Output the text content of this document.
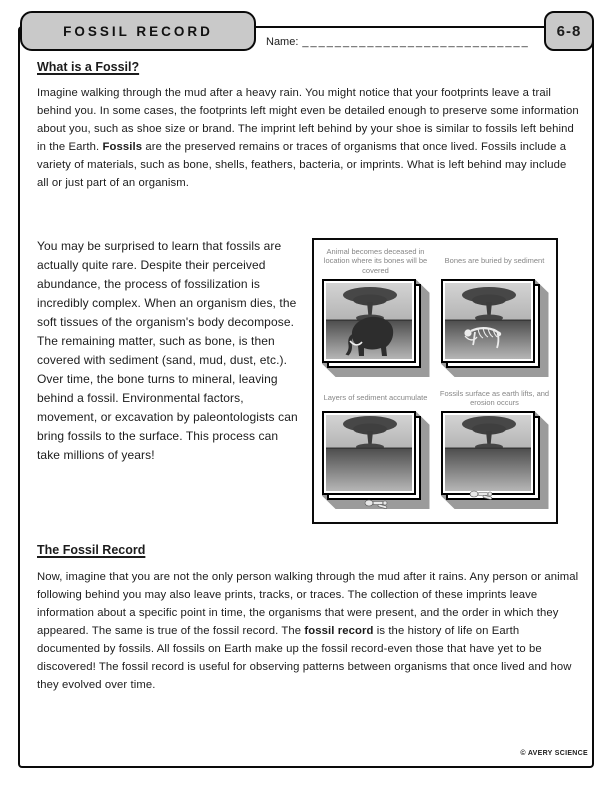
FOSSIL RECORD	6-8
Name: ____________________________
What is a Fossil?
Imagine walking through the mud after a heavy rain. You might notice that your footprints leave a trail behind you. In some cases, the footprints left might even be detailed enough to preserve some information about you, such as shoe size or brand. The imprint left behind by your shoe is similar to fossils left behind in the Earth. Fossils are the preserved remains or traces of organisms that once lived. Fossils include a variety of materials, such as bone, shells, feathers, bacteria, or imprints. What is left behind may include all or just part of an organism.
You may be surprised to learn that fossils are actually quite rare. Despite their perceived abundance, the process of fossilization is incredibly complex. When an organism dies, the soft tissues of the organism's body decompose. The remaining matter, such as bone, is then covered with sediment (sand, mud, dust, etc.). Over time, the bone turns to mineral, leaving behind a fossil. Environmental factors, movement, or excavation by paleontologists can bring fossils to the surface. This process can take millions of years!
Animal becomes deceased in location where its bones will be covered
Bones are buried by sediment
Layers of sediment accumulate
Fossils surface as earth lifts, and erosion occurs
The Fossil Record
Now, imagine that you are not the only person walking through the mud after it rains. Any person or animal following behind you may also leave prints, tracks, or traces. The collection of these imprints leave information about a specific point in time, the organisms that were present, and the order in which they appeared. The same is true of the fossil record. The fossil record is the history of life on Earth documented by fossils. All fossils on Earth make up the fossil record-even those that have yet to be discovered! The fossil record is useful for observing patterns between organisms that once lived and how they evolved over time.
© AVERY SCIENCE
